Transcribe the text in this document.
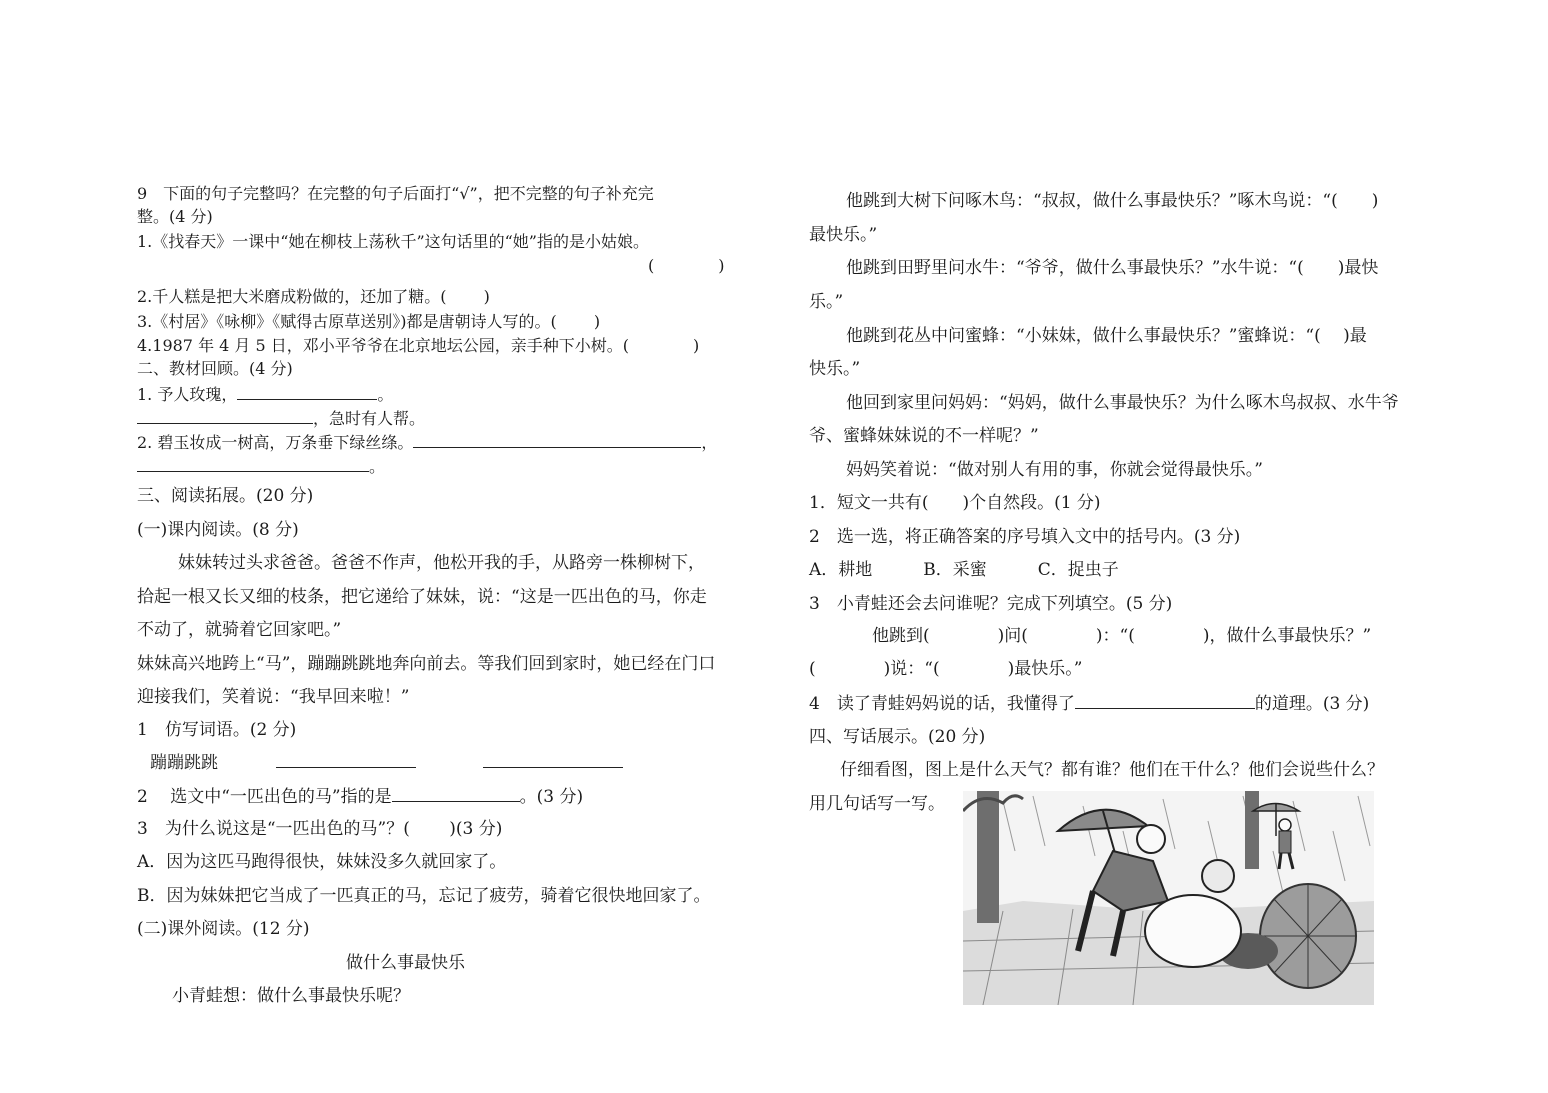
9　下面的句子完整吗？在完整的句子后面打“√”，把不完整的句子补充完
整。(4 分)
1.《找春天》一课中“她在柳枝上荡秋千”这句话里的“她”指的是小姑娘。
(　　　　)
2.千人糕是把大米磨成粉做的，还加了糖。(　　 )
3.《村居》《咏柳》《赋得古原草送别》)都是唐朝诗人写的。(　　 )
4.1987 年 4 月 5 日，邓小平爷爷在北京地坛公园，亲手种下小树。(　　　　)
二、教材回顾。(4 分)
1. 予人玫瑰，	。
，急时有人帮。
2. 碧玉妆成一树高，万条垂下绿丝绦。	，
。
三、阅读拓展。(20 分)
(一)课内阅读。(8 分)
妹妹转过头求爸爸。爸爸不作声，他松开我的手，从路旁一株柳树下，
拾起一根又长又细的枝条，把它递给了妹妹，说：“这是一匹出色的马，你走
不动了，就骑着它回家吧。”
妹妹高兴地跨上“马”，蹦蹦跳跳地奔向前去。等我们回到家时，她已经在门口
迎接我们，笑着说：“我早回来啦！”
1　仿写词语。(2 分)
蹦蹦跳跳
2　 选文中“一匹出色的马”指的是	。(3 分)
3　为什么说这是“一匹出色的马”？(　　 )(3 分)
A．因为这匹马跑得很快，妹妹没多久就回家了。
B．因为妹妹把它当成了一匹真正的马，忘记了疲劳，骑着它很快地回家了。
(二)课外阅读。(12 分)
做什么事最快乐
小青蛙想：做什么事最快乐呢？
他跳到大树下问啄木鸟：“叔叔，做什么事最快乐？”啄木鸟说：“(　　)
最快乐。”
他跳到田野里问水牛：“爷爷，做什么事最快乐？”水牛说：“(　　)最快
乐。”
他跳到花丛中问蜜蜂：“小妹妹，做什么事最快乐？”蜜蜂说：“(　 )最
快乐。”
他回到家里问妈妈：“妈妈，做什么事最快乐？为什么啄木鸟叔叔、水牛爷
爷、蜜蜂妹妹说的不一样呢？”
妈妈笑着说：“做对别人有用的事，你就会觉得最快乐。”
1．短文一共有(　　)个自然段。(1 分)
2　选一选，将正确答案的序号填入文中的括号内。(3 分)
A．耕地　　　B．采蜜　　　C．捉虫子
3　小青蛙还会去问谁呢？完成下列填空。(5 分)
他跳到(　　　　)问(　　　　)：“(　　　　)，做什么事最快乐？”
(　　　　)说：“(　　　　)最快乐。”
4　读了青蛙妈妈说的话，我懂得了	的道理。(3 分)
四、写话展示。(20 分)
仔细看图，图上是什么天气？都有谁？他们在干什么？他们会说些什么？
用几句话写一写。
